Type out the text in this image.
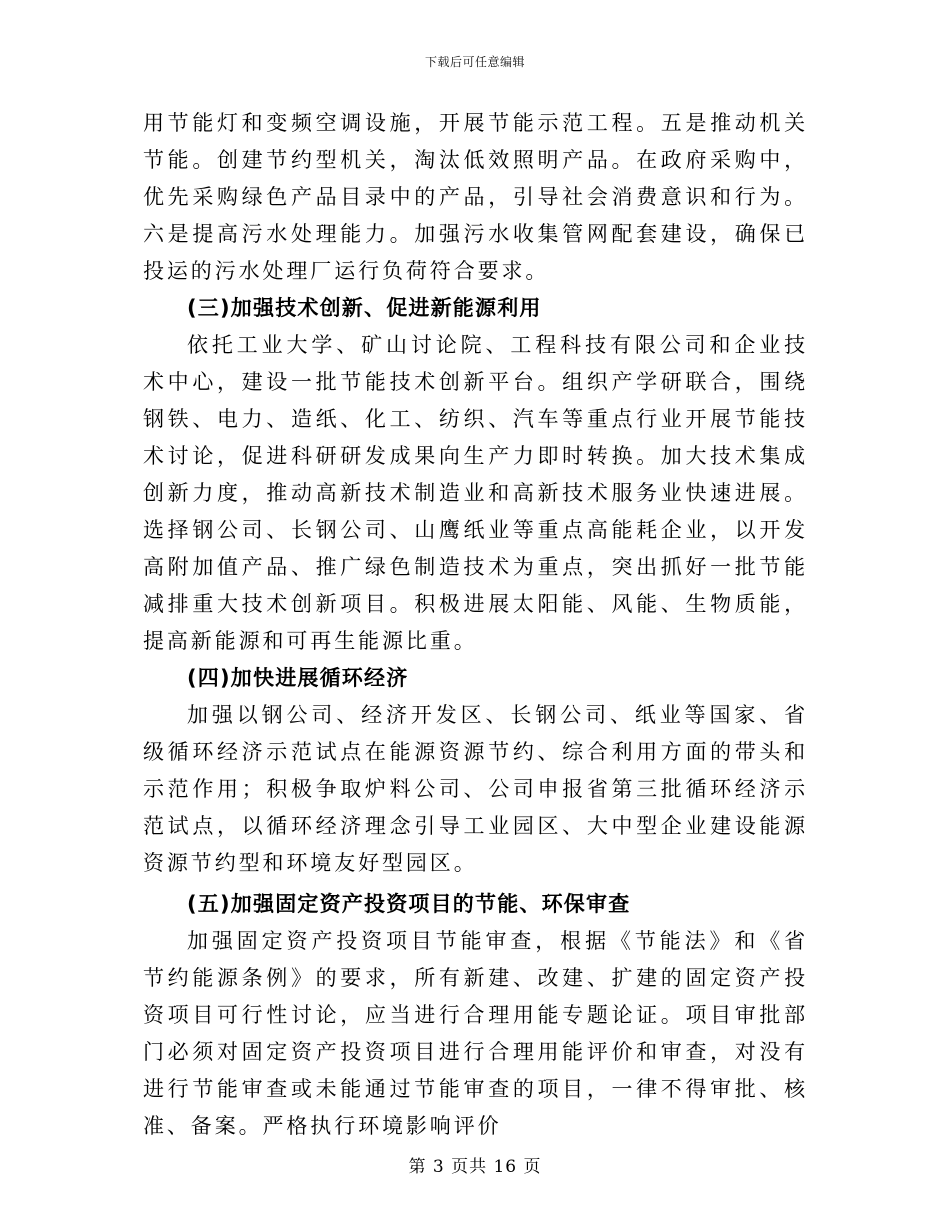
下载后可任意编辑

用节能灯和变频空调设施，开展节能示范工程。五是推动机关节能。创建节约型机关，淘汰低效照明产品。在政府采购中，优先采购绿色产品目录中的产品，引导社会消费意识和行为。六是提高污水处理能力。加强污水收集管网配套建设，确保已投运的污水处理厂运行负荷符合要求。

(三)加强技术创新、促进新能源利用

依托工业大学、矿山讨论院、工程科技有限公司和企业技术中心，建设一批节能技术创新平台。组织产学研联合，围绕钢铁、电力、造纸、化工、纺织、汽车等重点行业开展节能技术讨论，促进科研研发成果向生产力即时转换。加大技术集成创新力度，推动高新技术制造业和高新技术服务业快速进展。选择钢公司、长钢公司、山鹰纸业等重点高能耗企业，以开发高附加值产品、推广绿色制造技术为重点，突出抓好一批节能减排重大技术创新项目。积极进展太阳能、风能、生物质能，提高新能源和可再生能源比重。

(四)加快进展循环经济

加强以钢公司、经济开发区、长钢公司、纸业等国家、省级循环经济示范试点在能源资源节约、综合利用方面的带头和示范作用；积极争取炉料公司、公司申报省第三批循环经济示范试点，以循环经济理念引导工业园区、大中型企业建设能源资源节约型和环境友好型园区。

(五)加强固定资产投资项目的节能、环保审查

加强固定资产投资项目节能审查，根据《节能法》和《省节约能源条例》的要求，所有新建、改建、扩建的固定资产投资项目可行性讨论，应当进行合理用能专题论证。项目审批部门必须对固定资产投资项目进行合理用能评价和审查，对没有进行节能审查或未能通过节能审查的项目，一律不得审批、核准、备案。严格执行环境影响评价

第 3 页共 16 页
